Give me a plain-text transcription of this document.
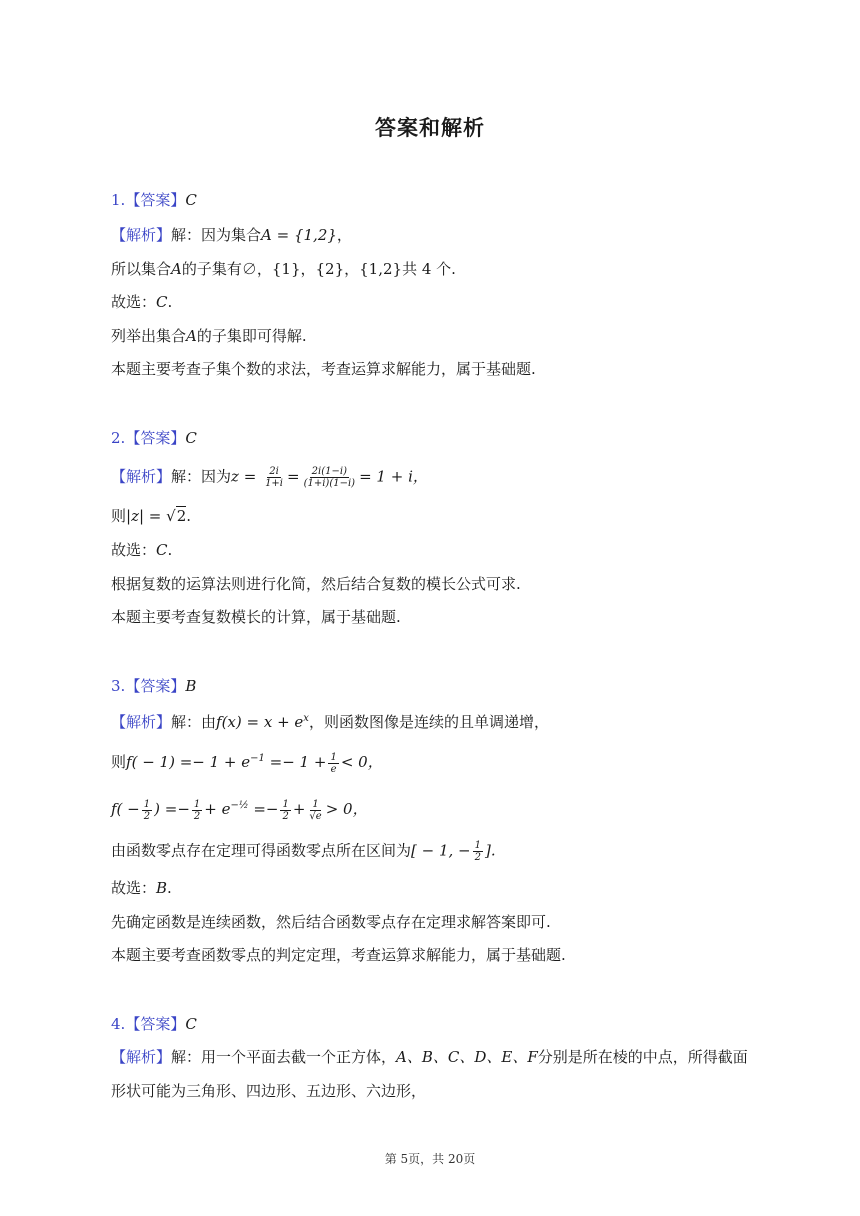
答案和解析
1.【答案】C
【解析】解：因为集合A = {1,2}，
所以集合A的子集有∅，{1}，{2}，{1,2}共 4 个.
故选：C.
列举出集合A的子集即可得解.
本题主要考查子集个数的求法，考查运算求解能力，属于基础题.
2.【答案】C
【解析】解：因为$z = \frac{2i}{1+i} = \frac{2i(1-i)}{(1+i)(1-i)} = 1 + i$，
则|z| = √2.
故选：C.
根据复数的运算法则进行化简，然后结合复数的模长公式可求.
本题主要考查复数模长的计算，属于基础题.
3.【答案】B
【解析】解：由$f(x) = x + e^x$，则函数图像是连续的且单调递增，
则$f( - 1) =- 1 + e^{-1} =- 1 + \frac{1}{e} < 0$，
$f( - \frac{1}{2}$ ) =− $\frac{1}{2} + e^{-\frac{1}{2}} =- \frac{1}{2} + \frac{1}{√e} > 0$，
由函数零点存在定理可得函数零点所在区间为[ − 1, − $\frac{1}{2}$ ].
故选：B.
先确定函数是连续函数，然后结合函数零点存在定理求解答案即可.
本题主要考查函数零点的判定定理，考查运算求解能力，属于基础题.
4.【答案】C
【解析】解：用一个平面去截一个正方体，A、B、C、D、E、F分别是所在棱的中点，所得截面
形状可能为三角形、四边形、五边形、六边形，
第 5页，共 20页
